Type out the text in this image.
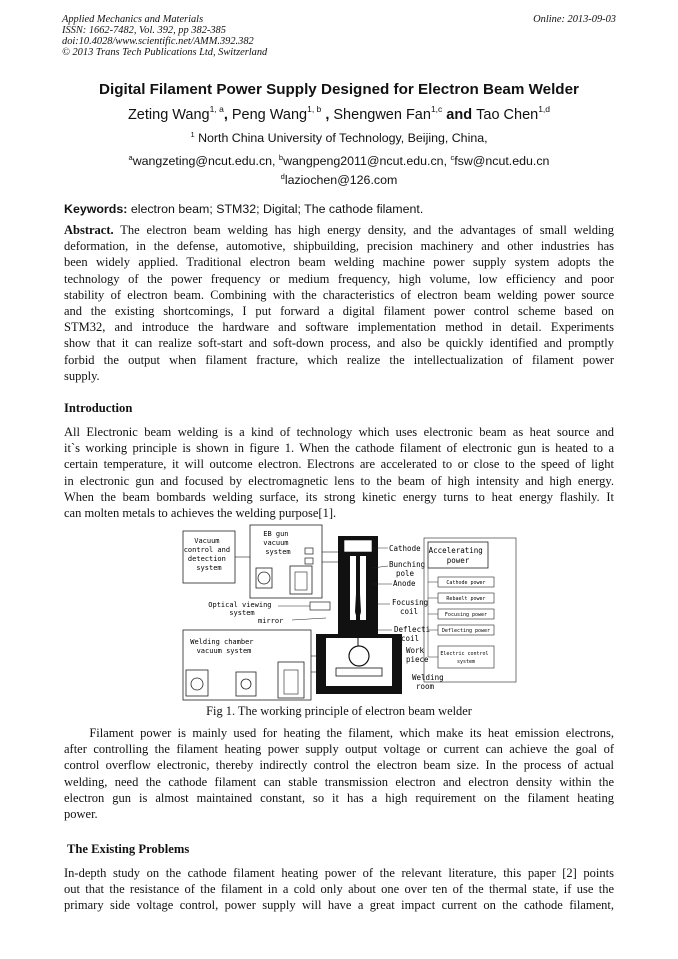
Applied Mechanics and Materials
ISSN: 1662-7482, Vol. 392, pp 382-385
doi:10.4028/www.scientific.net/AMM.392.382
© 2013 Trans Tech Publications Ltd, Switzerland
Online: 2013-09-03
Digital Filament Power Supply Designed for Electron Beam Welder
Zeting Wang$^{1, a}$, Peng Wang$^{1, b}$ , Shengwen Fan$^{1,c}$ and Tao Chen$^{1,d}$
$^1$ North China University of Technology, Beijing, China,
$^a$wangzeting@ncut.edu.cn, $^b$wangpeng2011@ncut.edu.cn, $^c$fsw@ncut.edu.cn
$^d$laziochen@126.com
Keywords: electron beam; STM32; Digital; The cathode filament.
Abstract. The electron beam welding has high energy density, and the advantages of small welding
deformation, in the defense, automotive, shipbuilding, precision machinery and other industries has
been widely applied. Traditional electron beam welding machine power supply system adopts the
technology of the power frequency or medium frequency, high volume, low efficiency and poor
stability of electron beam. Combining with the characteristics of electron beam welding power source
and the existing shortcomings, I put forward a digital filament power control scheme based on
STM32, and introduce the hardware and software implementation method in detail. Experiments
show that it can realize soft-start and soft-down process, and also be quickly identified and promptly
forbid the output when filament fracture, which realize the intellectualization of filament power
supply.
Introduction
All Electronic beam welding is a kind of technology which uses electronic beam as heat source and
it`s working principle is shown in figure 1. When the cathode filament of electronic gun is heated to a
certain temperature, it will outcome electron. Electrons are accelerated to or close to the speed of light
in electronic gun and focused by electromagnetic lens to the beam of high intensity and high energy.
When the beam bombards welding surface, its strong kinetic energy turns to heat energy flashily. It
can molten metals to achieves the welding purpose[1].
Vacuum control and detection system
EB gun vacuum system
Optical viewing system
mirror
Welding chamber vacuum system
Cathode
Bunching pole
Anode
Focusing coil
Deflecti coil
Work piece
Welding room
Accelerating power
Cathode power
Rebaelt power
Focusing power
Deflecting power
Electric control system
Fig 1. The working principle of electron beam welder
Filament power is mainly used for heating the filament, which make its heat emission electrons,
after controlling the filament heating power supply output voltage or current can achieve the goal of
control overflow electronic, thereby indirectly control the electron beam size. In the process of actual
welding, need the cathode filament can stable transmission electron and electron density within the
electron gun is almost maintained constant, so it has a high requirement on the filament heating
power.
The Existing Problems
In-depth study on the cathode filament heating power of the relevant literature, this paper [2] points
out that the resistance of the filament in a cold only about one over ten of the thermal state, if use the
primary side voltage control, power supply will have a great impact current on the cathode filament,
